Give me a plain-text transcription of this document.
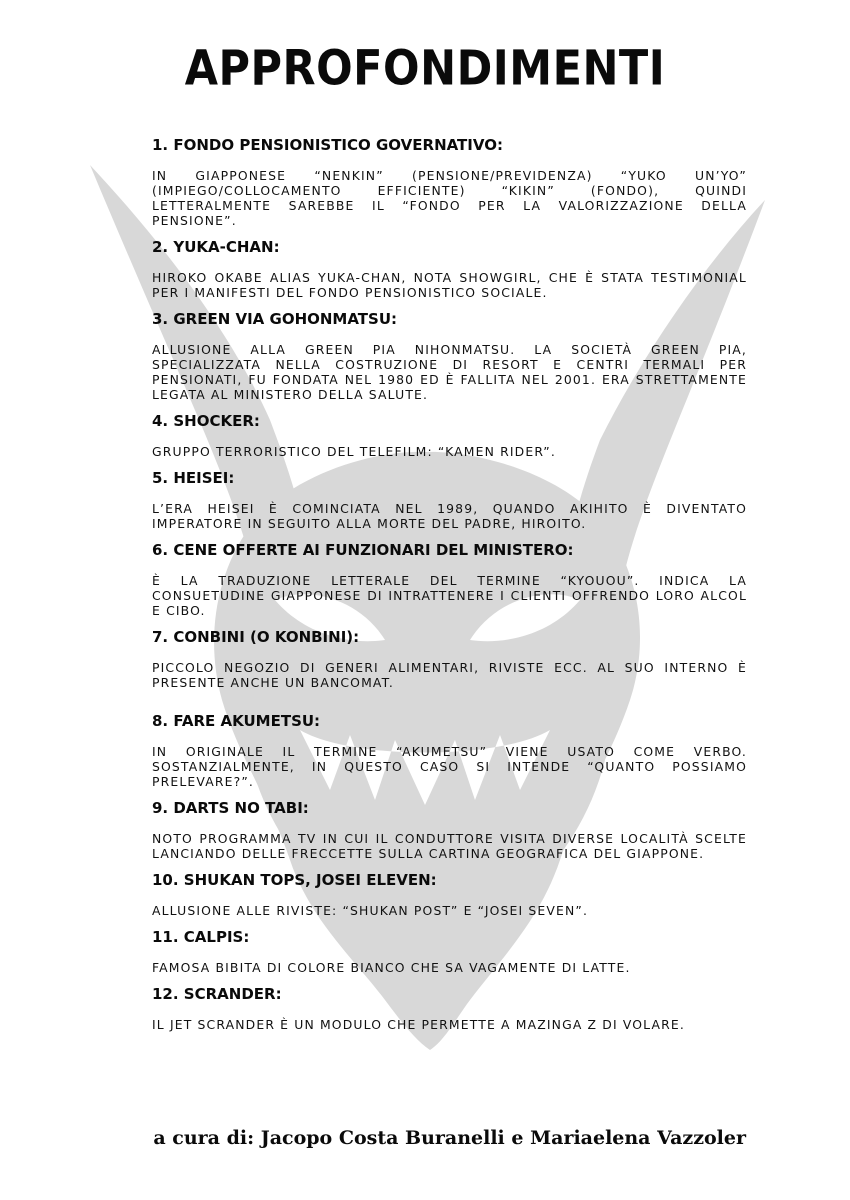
APPROFONDIMENTI
1. FONDO PENSIONISTICO GOVERNATIVO:

IN GIAPPONESE “NENKIN” (PENSIONE/PREVIDENZA) “YUKO UN’YO” (IMPIEGO/COLLOCAMENTO EFFICIENTE) “KIKIN” (FONDO), QUINDI LETTERALMENTE SAREBBE IL “FONDO PER LA VALORIZZAZIONE DELLA PENSIONE”.

2. YUKA-CHAN:

HIROKO OKABE ALIAS YUKA-CHAN, NOTA SHOWGIRL, CHE È STATA TESTIMONIAL PER I MANIFESTI DEL FONDO PENSIONISTICO SOCIALE.

3. GREEN VIA GOHONMATSU:

ALLUSIONE ALLA GREEN PIA NIHONMATSU. LA SOCIETÀ GREEN PIA, SPECIALIZZATA NELLA COSTRUZIONE DI RESORT E CENTRI TERMALI PER PENSIONATI, FU FONDATA NEL 1980 ED È FALLITA NEL 2001. ERA STRETTAMENTE LEGATA AL MINISTERO DELLA SALUTE.

4. SHOCKER:

GRUPPO TERRORISTICO DEL TELEFILM: “KAMEN RIDER”.

5. HEISEI:

L’ERA HEISEI È COMINCIATA NEL 1989, QUANDO AKIHITO È DIVENTATO IMPERATORE IN SEGUITO ALLA MORTE DEL PADRE, HIROITO.

6. CENE OFFERTE AI FUNZIONARI DEL MINISTERO:

È LA TRADUZIONE LETTERALE DEL TERMINE “KYOUOU”. INDICA LA CONSUETUDINE GIAPPONESE DI INTRATTENERE I CLIENTI OFFRENDO LORO ALCOL E CIBO.

7. CONBINI (O KONBINI):

PICCOLO NEGOZIO DI GENERI ALIMENTARI, RIVISTE ECC. AL SUO INTERNO È PRESENTE ANCHE UN BANCOMAT.

8. FARE AKUMETSU:

IN ORIGINALE IL TERMINE “AKUMETSU” VIENE USATO COME VERBO. SOSTANZIALMENTE, IN QUESTO CASO SI INTENDE “QUANTO POSSIAMO PRELEVARE?”.

9. DARTS NO TABI:

NOTO PROGRAMMA TV IN CUI IL CONDUTTORE VISITA DIVERSE LOCALITÀ SCELTE LANCIANDO DELLE FRECCETTE SULLA CARTINA GEOGRAFICA DEL GIAPPONE.

10. SHUKAN TOPS, JOSEI ELEVEN:

ALLUSIONE ALLE RIVISTE: “SHUKAN POST” E “JOSEI SEVEN”.

11. CALPIS:

FAMOSA BIBITA DI COLORE BIANCO CHE SA VAGAMENTE DI LATTE.

12. SCRANDER:

IL JET SCRANDER È UN MODULO CHE PERMETTE A MAZINGA Z DI VOLARE.

a cura di: Jacopo Costa Buranelli e Mariaelena Vazzoler
